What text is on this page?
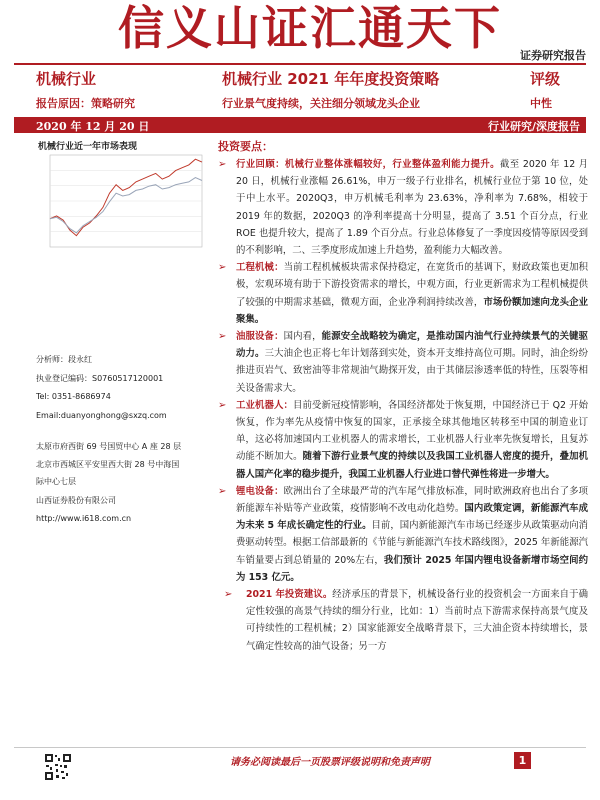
信义山证汇通天下
证券研究报告
机械行业	机械行业 2021 年年度投资策略	评级
报告原因：策略研究	行业景气度持续，关注细分领域龙头企业	中性
2020 年 12 月 20 日	行业研究/深度报告
机械行业近一年市场表现
分析师：段永红
执业登记编码：S0760517120001
Tel: 0351-8686974
Email:duanyonghong@sxzq.com
太原市府西街 69 号国贸中心 A 座 28 层
北京市西城区平安里西大街 28 号中海国
际中心七层
山西证券股份有限公司
http://www.i618.com.cn
投资要点：
➢ 行业回顾：机械行业整体涨幅较好，行业整体盈利能力提升。截至 2020 年 12 月 20 日，机械行业涨幅 26.61%，申万一级子行业排名，机械行业位于第 10 位，处于中上水平。2020Q3，申万机械毛利率为 23.63%，净利率为 7.68%，相较于 2019 年的数据，2020Q3 的净利率提高十分明显，提高了 3.51 个百分点，行业 ROE 也提升较大，提高了 1.89 个百分点。行业总体修复了一季度因疫情等原因受到的不利影响，二、三季度形成加速上升趋势，盈利能力大幅改善。
➢ 工程机械：当前工程机械板块需求保持稳定，在宽货币的基调下，财政政策也更加积极，宏观环境有助于下游投资需求的增长，中观方面，行业更新需求为工程机械提供了较强的中期需求基础，微观方面，企业净利润持续改善，市场份额加速向龙头企业聚集。
➢ 油服设备：国内看，能源安全战略较为确定，是推动国内油气行业持续景气的关键驱动力。三大油企也正将七年计划落到实处，资本开支维持高位可期。同时，油企纷纷推进页岩气、致密油等非常规油气勘探开发，由于其储层渗透率低的特性，压裂等相关设备需求大。
➢ 工业机器人：目前受新冠疫情影响，各国经济都处于恢复期，中国经济已于 Q2 开始恢复，作为率先从疫情中恢复的国家，正承接全球其他地区转移至中国的制造业订单，这必将加速国内工业机器人的需求增长，工业机器人行业率先恢复增长，且复苏动能不断加大。随着下游行业景气度的持续以及我国工业机器人密度的提升，叠加机器人国产化率的稳步提升，我国工业机器人行业进口替代弹性将进一步增大。
➢ 锂电设备：欧洲出台了全球最严苛的汽车尾气排放标准，同时欧洲政府也出台了多项新能源车补贴等产业政策，疫情影响不改电动化趋势。国内政策定调，新能源汽车成为未来 5 年成长确定性的行业。目前，国内新能源汽车市场已经逐步从政策驱动向消费驱动转型。根据工信部最新的《节能与新能源汽车技术路线图》，2025 年新能源汽车销量要占到总销量的 20%左右，我们预计 2025 年国内锂电设备新增市场空间约为 153 亿元。
➢ 2021 年投资建议。经济承压的背景下，机械设备行业的投资机会一方面来自于确定性较强的高景气持续的细分行业，比如：1）当前时点下游需求保持高景气度及可持续性的工程机械；2）国家能源安全战略背景下，三大油企资本持续增长，景气确定性较高的油气设备；另一方
请务必阅读最后一页股票评级说明和免责声明	1
